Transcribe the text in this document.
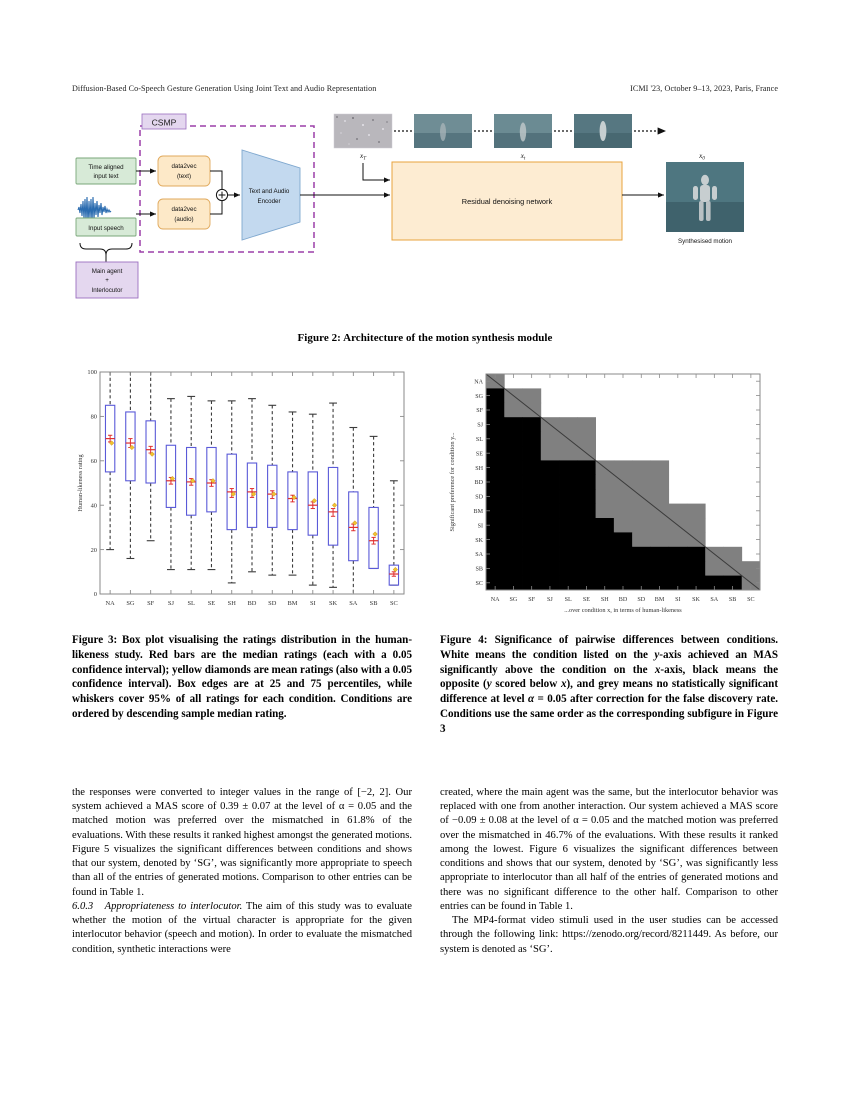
Diffusion-Based Co-Speech Gesture Generation Using Joint Text and Audio Representation	ICMI '23, October 9–13, 2023, Paris, France
CSMP
Time aligned
input text
Input speech
data2vec
(text)
data2vec
(audio)
Text and Audio
Encoder
Main agent
+
Interlocutor
$x_T$	$x_t$
Residual denoising network
$x_0$
Synthesised motion
Figure 2: Architecture of the motion synthesis module
0
20
40
60
80
100
Human-likeness rating
NA SG SF SJ SL SE SH BD SD BM SI SK SA SB SC	NA
NA
SG
SG
SF
SF
SJ
SJ
SL
SL
SE
SE
SH
SH
BD
BD
SD
SD
BM
BM
SI
SI
SK
SK
SA
SA
SB
SB
SC
SC
...over condition x, in terms of human-likeness
Significant preference for condition y...
Figure 3: Box plot visualising the ratings distribution in the human-likeness study. Red bars are the median ratings (each with a 0.05 confidence interval); yellow diamonds are mean ratings (also with a 0.05 confidence interval). Box edges are at 25 and 75 percentiles, while whiskers cover 95% of all ratings for each condition. Conditions are ordered by descending sample median rating.
Figure 4: Significance of pairwise differences between conditions. White means the condition listed on the y-axis achieved an MAS significantly above the condition on the x-axis, black means the opposite (y scored below x), and grey means no statistically significant difference at level α = 0.05 after correction for the false discovery rate. Conditions use the same order as the corresponding subfigure in Figure 3

the responses were converted to integer values in the range of [−2, 2]. Our system achieved a MAS score of 0.39 ± 0.07 at the level of α = 0.05 and the matched motion was preferred over the mismatched in 61.8% of the evaluations. With these results it ranked highest amongst the generated motions. Figure 5 visualizes the significant differences between conditions and shows that our system, denoted by ‘SG’, was significantly more appropriate to speech than all of the entries of generated motions. Comparison to other entries can be found in Table 1.

6.0.3 Appropriateness to interlocutor. The aim of this study was to evaluate whether the motion of the virtual character is appropriate for the given interlocutor behavior (speech and motion). In order to evaluate the mismatched condition, synthetic interactions were

created, where the main agent was the same, but the interlocutor behavior was replaced with one from another interaction. Our system achieved a MAS score of −0.09 ± 0.08 at the level of α = 0.05 and the matched motion was preferred over the mismatched in 46.7% of the evaluations. With these results it ranked among the lowest. Figure 6 visualizes the significant differences between conditions and shows that our system, denoted by ‘SG’, was significantly less appropriate to interlocutor than all half of the entries of generated motions and there was no significant difference to the other half. Comparison to other entries can be found in Table 1.

The MP4-format video stimuli used in the user studies can be accessed through the following link: https://zenodo.org/record/8211449. As before, our system is denoted as ‘SG’.
